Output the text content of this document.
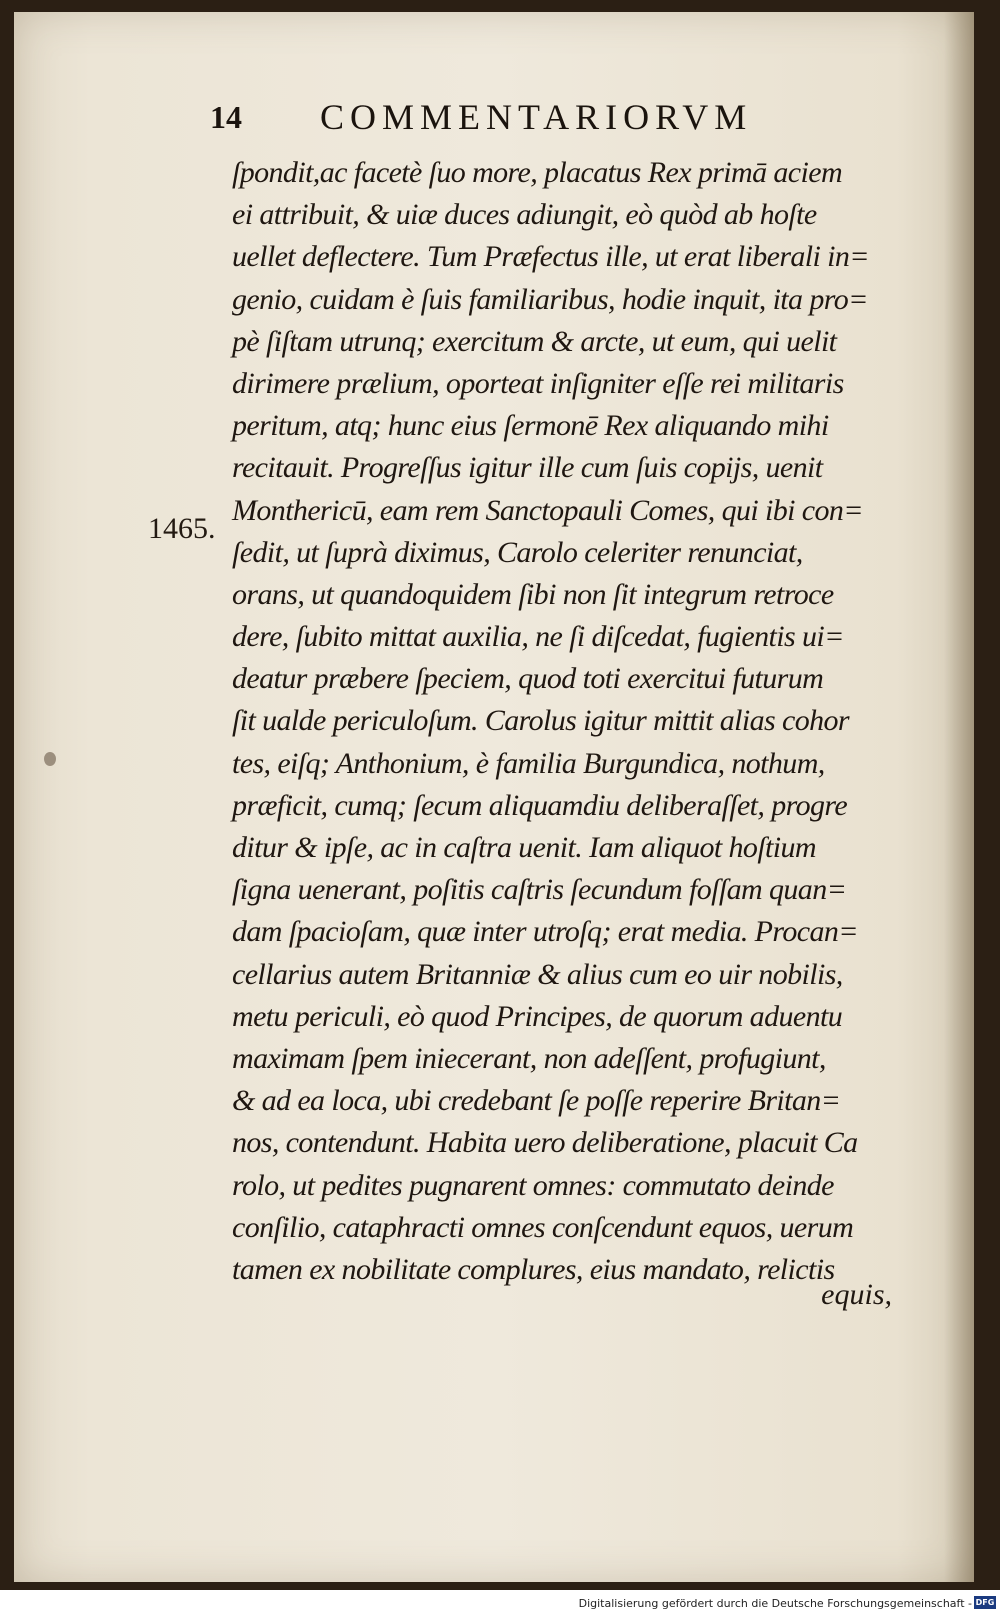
14	COMMENTARIORVM
1465.
ſpondit,ac facetè ſuo more, placatus Rex primā aciem
ei attribuit, & uiæ duces adiungit, eò quòd ab hoſte
uellet deflectere. Tum Præfectus ille, ut erat liberali in=
genio, cuidam è ſuis familiaribus, hodie inquit, ita pro=
pè ſiſtam utrunq; exercitum & arcte, ut eum, qui uelit
dirimere prælium, oporteat inſigniter eſſe rei militaris
peritum, atq; hunc eius ſermonē Rex aliquando mihi
recitauit. Progreſſus igitur ille cum ſuis copijs, uenit
Monthericū, eam rem Sanctopauli Comes, qui ibi con=
ſedit, ut ſuprà diximus, Carolo celeriter renunciat,
orans, ut quandoquidem ſibi non ſit integrum retroce
dere, ſubito mittat auxilia, ne ſi diſcedat, fugientis ui=
deatur præbere ſpeciem, quod toti exercitui futurum
ſit ualde periculoſum. Carolus igitur mittit alias cohor
tes, eiſq; Anthonium, è familia Burgundica, nothum,
præficit, cumq; ſecum aliquamdiu deliberaſſet, progre
ditur & ipſe, ac in caſtra uenit. Iam aliquot hoſtium
ſigna uenerant, poſitis caſtris ſecundum foſſam quan=
dam ſpacioſam, quæ inter utroſq; erat media. Procan=
cellarius autem Britanniæ & alius cum eo uir nobilis,
metu periculi, eò quod Principes, de quorum aduentu
maximam ſpem iniecerant, non adeſſent, profugiunt,
& ad ea loca, ubi credebant ſe poſſe reperire Britan=
nos, contendunt. Habita uero deliberatione, placuit Ca
rolo, ut pedites pugnarent omnes: commutato deinde
conſilio, cataphracti omnes conſcendunt equos, uerum
tamen ex nobilitate complures, eius mandato, relictis
equis,
Digitalisierung gefördert durch die Deutsche Forschungsgemeinschaft - DFG
